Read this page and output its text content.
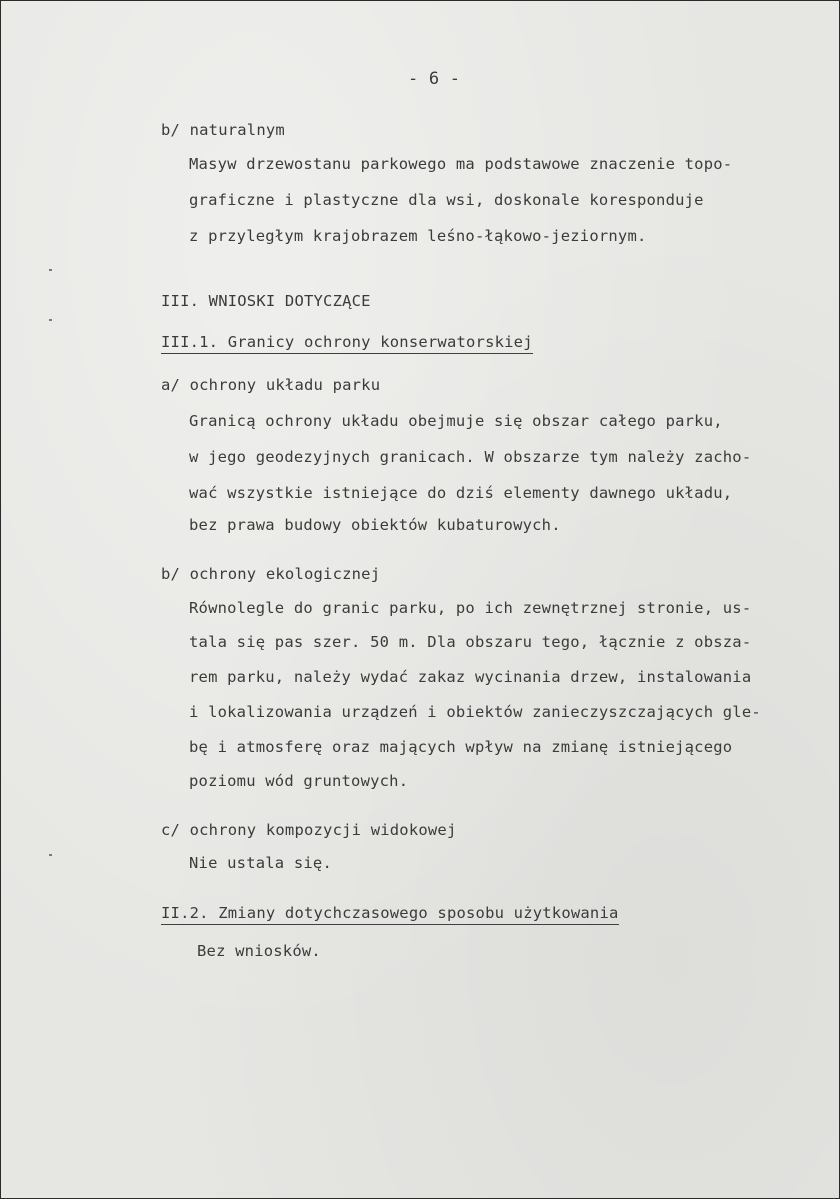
- 6 -
b/ naturalnym
Masyw drzewostanu parkowego ma podstawowe znaczenie topo-
graficzne i plastyczne dla wsi, doskonale koresponduje
z przyległym krajobrazem leśno-łąkowo-jeziornym.
III. WNIOSKI DOTYCZĄCE
III.1. Granicy ochrony konserwatorskiej
a/ ochrony układu parku
Granicą ochrony układu obejmuje się obszar całego parku,
w jego geodezyjnych granicach. W obszarze tym należy zacho-
wać wszystkie istniejące do dziś elementy dawnego układu,
bez prawa budowy obiektów kubaturowych.
b/ ochrony ekologicznej
Równolegle do granic parku, po ich zewnętrznej stronie, us-
tala się pas szer. 50 m. Dla obszaru tego, łącznie z obsza-
rem parku, należy wydać zakaz wycinania drzew, instalowania
i lokalizowania urządzeń i obiektów zanieczyszczających gle-
bę i atmosferę oraz mających wpływ na zmianę istniejącego
poziomu wód gruntowych.
c/ ochrony kompozycji widokowej
Nie ustala się.
II.2. Zmiany dotychczasowego sposobu użytkowania
Bez wniosków.
